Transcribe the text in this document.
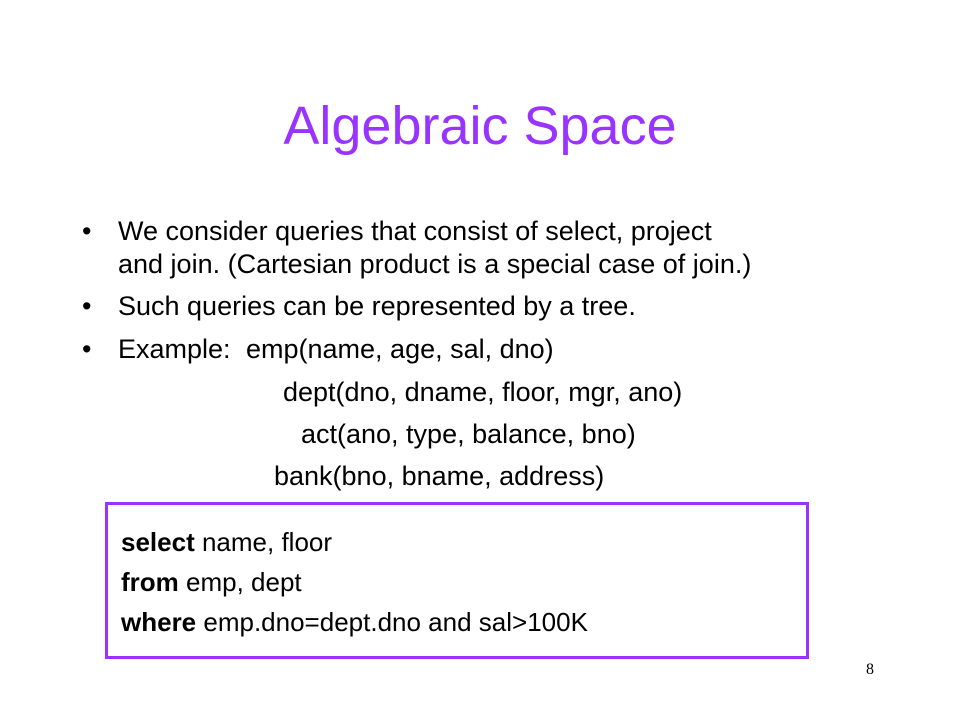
Algebraic Space
• We consider queries that consist of select, project
and join. (Cartesian product is a special case of join.)
• Such queries can be represented by a tree.
• Example: emp(name, age, sal, dno)
dept(dno, dname, floor, mgr, ano)
act(ano, type, balance, bno)
bank(bno, bname, address)
select name, floor
from emp, dept
where emp.dno=dept.dno and sal>100K
8
